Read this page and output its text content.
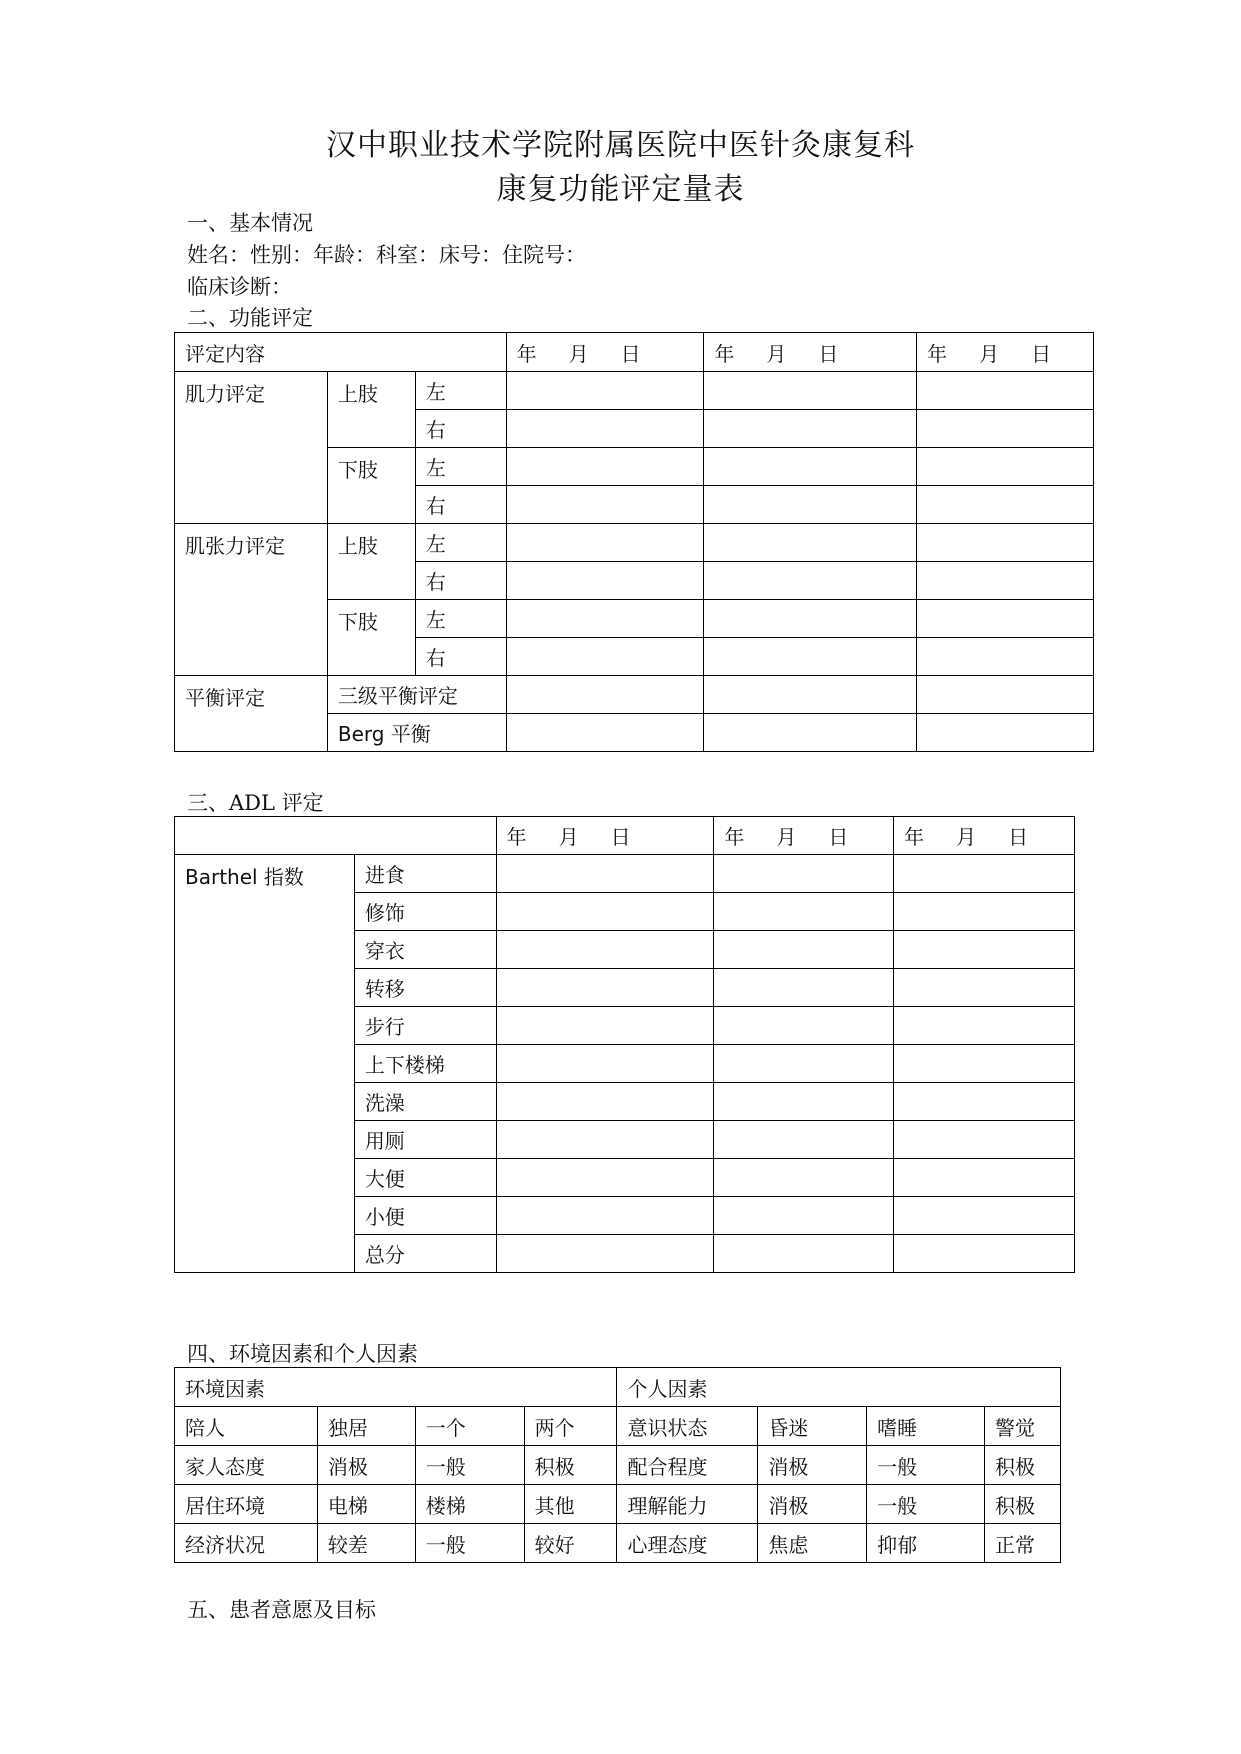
汉中职业技术学院附属医院中医针灸康复科
康复功能评定量表
一、基本情况
姓名：性别：年龄：科室：床号：住院号：
临床诊断：
二、功能评定
评定内容			年 月 日	年 月 日	年 月 日

肌力评定	上肢	左			
		右			
	下肢	左			
		右			
肌张力评定	上肢	左			
		右			
	下肢	左			
		右			
平衡评定	三级平衡评定				
	Berg 平衡				
三、ADL 评定

		年 月 日	年 月 日	年 月 日

Barthel 指数	进食			
	修饰			
	穿衣			
	转移			
	步行			
	上下楼梯			
	洗澡			
	用厕			
	大便			
	小便			
	总分			
四、环境因素和个人因素
环境因素				个人因素			
陪人	独居	一个	两个	意识状态	昏迷	嗜睡	警觉
家人态度	消极	一般	积极	配合程度	消极	一般	积极
居住环境	电梯	楼梯	其他	理解能力	消极	一般	积极
经济状况	较差	一般	较好	心理态度	焦虑	抑郁	正常
五、患者意愿及目标
